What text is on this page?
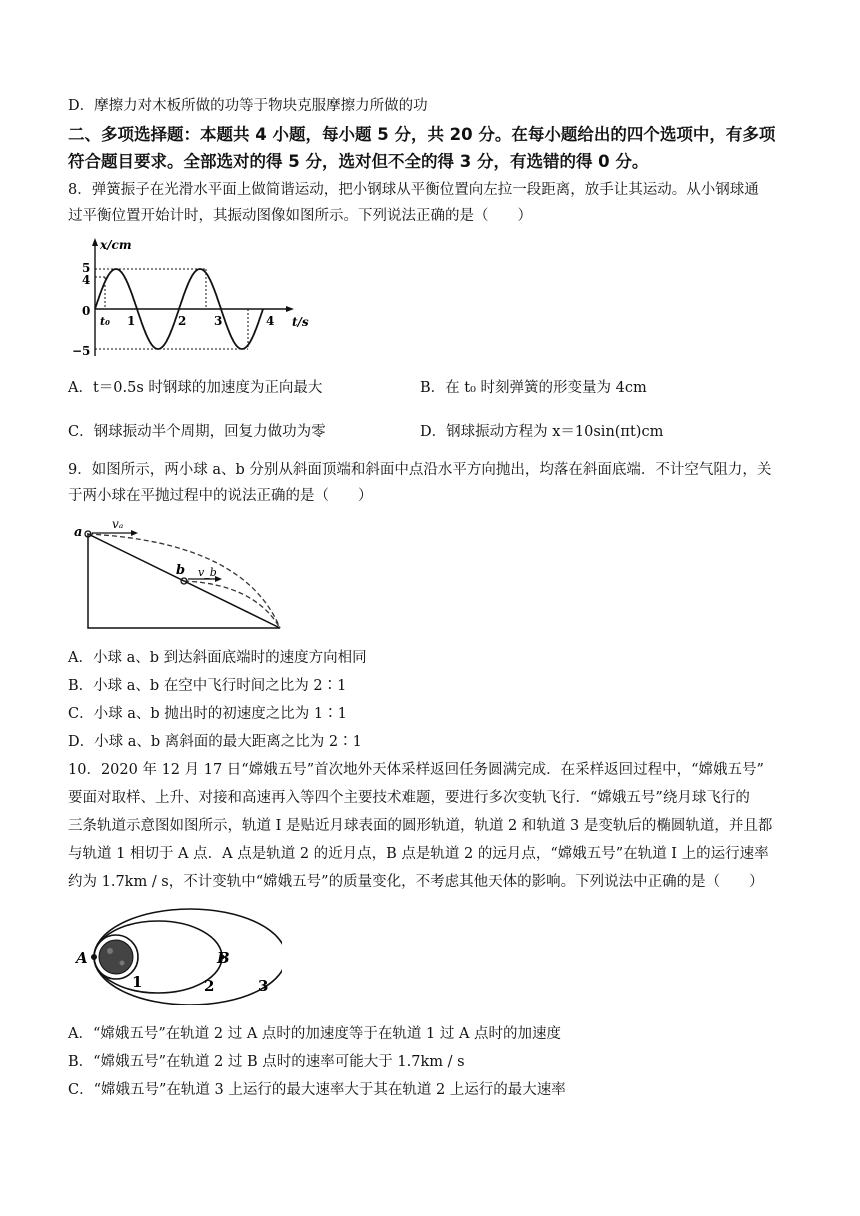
D．摩擦力对木板所做的功等于物块克服摩擦力所做的功
二、多项选择题：本题共 4 小题，每小题 5 分，共 20 分。在每小题给出的四个选项中，有多项
符合题目要求。全部选对的得 5 分，选对但不全的得 3 分，有选错的得 0 分。
8．弹簧振子在光滑水平面上做简谐运动，把小钢球从平衡位置向左拉一段距离，放手让其运动。从小钢球通
过平衡位置开始计时，其振动图像如图所示。下列说法正确的是（　　）
x/cm
t/s
5
4
0
−5
t₀ 1	2 3	4
A．t＝0.5s 时钢球的加速度为正向最大	B．在 t₀ 时刻弹簧的形变量为 4cm
C．钢球振动半个周期，回复力做功为零	D．钢球振动方程为 x＝10sin(πt)cm
9．如图所示，两小球 a、b 分别从斜面顶端和斜面中点沿水平方向抛出，均落在斜面底端．不计空气阻力，关
于两小球在平抛过程中的说法正确的是（　　）
a
b
vₐ
v_b
A．小球 a、b 到达斜面底端时的速度方向相同
B．小球 a、b 在空中飞行时间之比为 2∶1
C．小球 a、b 抛出时的初速度之比为 1∶1
D．小球 a、b 离斜面的最大距离之比为 2∶1
10．2020 年 12 月 17 日“嫦娥五号”首次地外天体采样返回任务圆满完成．在采样返回过程中，“嫦娥五号”
要面对取样、上升、对接和高速再入等四个主要技术难题，要进行多次变轨飞行．“嫦娥五号”绕月球飞行的
三条轨道示意图如图所示，轨道 I 是贴近月球表面的圆形轨道，轨道 2 和轨道 3 是变轨后的椭圆轨道，并且都
与轨道 1 相切于 A 点．A 点是轨道 2 的近月点，B 点是轨道 2 的远月点，“嫦娥五号”在轨道 I 上的运行速率
约为 1.7km / s，不计变轨中“嫦娥五号”的质量变化，不考虑其他天体的影响。下列说法中正确的是（　　）
A	B
1	2	3
A．“嫦娥五号”在轨道 2 过 A 点时的加速度等于在轨道 1 过 A 点时的加速度
B．“嫦娥五号”在轨道 2 过 B 点时的速率可能大于 1.7km / s
C．“嫦娥五号”在轨道 3 上运行的最大速率大于其在轨道 2 上运行的最大速率
